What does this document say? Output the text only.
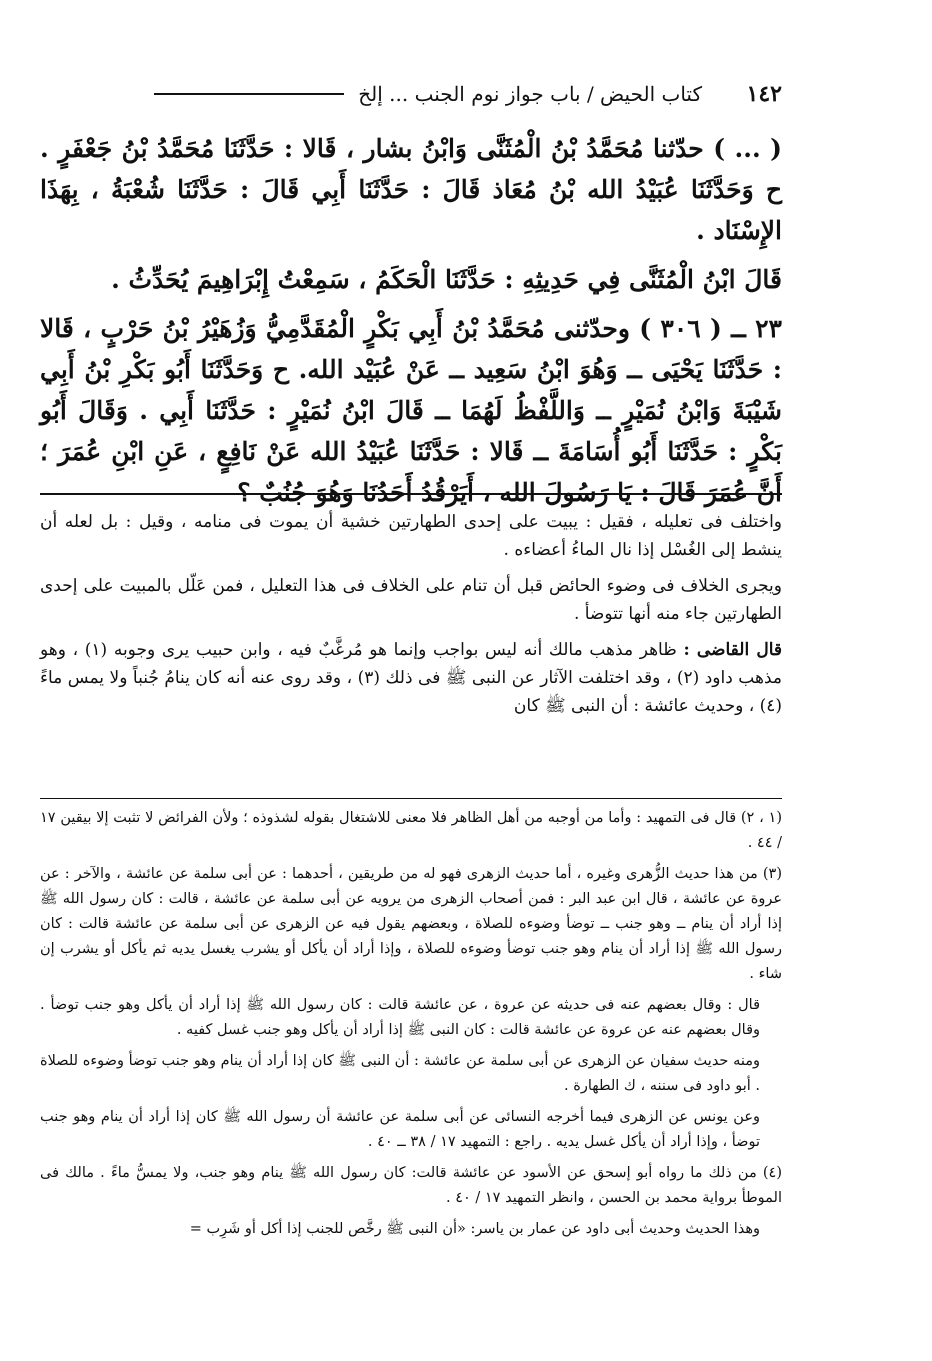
١٤٢
كتاب الحيض / باب جواز نوم الجنب ... إلخ

( ... ) حدّثنا مُحَمَّدُ بْنُ الْمُثَنَّى وَابْنُ بشار ، قَالا : حَدَّثَنَا مُحَمَّدُ بْنُ جَعْفَرٍ . ح وَحَدَّثَنَا عُبَيْدُ الله بْنُ مُعَاذ قَالَ : حَدَّثَنَا أَبِي قَالَ : حَدَّثَنَا شُعْبَةُ ، بِهَذَا الإِسْنَاد .

قَالَ ابْنُ الْمُثَنَّى فِي حَدِيثِهِ : حَدَّثَنَا الْحَكَمُ ، سَمِعْتُ إِبْرَاهِيمَ يُحَدِّثُ .

٢٣ ــ ( ٣٠٦ ) وحدّثنى مُحَمَّدُ بْنُ أَبِي بَكْرٍ الْمُقَدَّمِيُّ وَزُهَيْرُ بْنُ حَرْبٍ ، قَالا : حَدَّثَنَا يَحْيَى ــ وَهُوَ ابْنُ سَعِيد ــ عَنْ عُبَيْد الله. ح وَحَدَّثَنَا أَبُو بَكْرِ بْنُ أَبِي شَيْبَةَ وَابْنُ نُمَيْرٍ ــ وَاللَّفْظُ لَهُمَا ــ قَالَ ابْنُ نُمَيْرٍ : حَدَّثَنَا أَبِي . وَقَالَ أَبُو بَكْرٍ : حَدَّثَنَا أَبُو أُسَامَةَ ــ قَالا : حَدَّثَنَا عُبَيْدُ الله عَنْ نَافِعٍ ، عَنِ ابْنِ عُمَرَ ؛ أَنَّ عُمَرَ قَالَ : يَا رَسُولَ الله ، أَيَرْقُدُ أَحَدُنَا وَهُوَ جُنُبٌ ؟

واختلف فى تعليله ، فقيل : يبيت على إحدى الطهارتين خشية أن يموت فى منامه ، وقيل : بل لعله أن ينشط إلى الغُسْل إذا نال الماءُ أعضاءه .

ويجرى الخلاف فى وضوء الحائض قبل أن تنام على الخلاف فى هذا التعليل ، فمن عَلّل بالمبيت على إحدى الطهارتين جاء منه أنها تتوضأ .

قال القاضى : ظاهر مذهب مالك أنه ليس بواجب وإنما هو مُرغَّبٌ فيه ، وابن حبيب يرى وجوبه (١) ، وهو مذهب داود (٢) ، وقد اختلفت الآثار عن النبى ﷺ فى ذلك (٣) ، وقد روى عنه أنه كان ينامُ جُنباً ولا يمس ماءً (٤) ، وحديث عائشة : أن النبى ﷺ كان

(١ ، ٢) قال فى التمهيد : وأما من أوجبه من أهل الظاهر فلا معنى للاشتغال بقوله لشذوذه ؛ ولأن الفرائض لا تثبت إلا بيقين ١٧ / ٤٤ .

(٣) من هذا حديث الزُّهرى وغيره ، أما حديث الزهرى فهو له من طريقين ، أحدهما : عن أبى سلمة عن عائشة ، والآخر : عن عروة عن عائشة ، قال ابن عبد البر : فمن أصحاب الزهرى من يرويه عن أبى سلمة عن عائشة ، قالت : كان رسول الله ﷺ إذا أراد أن ينام ــ وهو جنب ــ توضأ وضوءه للصلاة ، وبعضهم يقول فيه عن الزهرى عن أبى سلمة عن عائشة قالت : كان رسول الله ﷺ إذا أراد أن ينام وهو جنب توضأ وضوءه للصلاة ، وإذا أراد أن يأكل أو يشرب يغسل يديه ثم يأكل أو يشرب إن شاء .

قال : وقال بعضهم عنه فى حديثه عن عروة ، عن عائشة قالت : كان رسول الله ﷺ إذا أراد أن يأكل وهو جنب توضأ . وقال بعضهم عنه عن عروة عن عائشة قالت : كان النبى ﷺ إذا أراد أن يأكل وهو جنب غسل كفيه .

ومنه حديث سفيان عن الزهرى عن أبى سلمة عن عائشة : أن النبى ﷺ كان إذا أراد أن ينام وهو جنب توضأ وضوءه للصلاة . أبو داود فى سننه ، ك الطهارة .

وعن يونس عن الزهرى فيما أخرجه النسائى عن أبى سلمة عن عائشة أن رسول الله ﷺ كان إذا أراد أن ينام وهو جنب توضأ ، وإذا أراد أن يأكل غسل يديه . راجع : التمهيد ١٧ / ٣٨ ــ ٤٠ .

(٤) من ذلك ما رواه أبو إسحق عن الأسود عن عائشة قالت: كان رسول الله ﷺ ينام وهو جنب، ولا يمسُّ ماءً . مالك فى الموطأ برواية محمد بن الحسن ، وانظر التمهيد ١٧ / ٤٠ .

وهذا الحديث وحديث أبى داود عن عمار بن ياسر: «أن النبى ﷺ رخَّص للجنب إذا أكل أو شَرِب =
